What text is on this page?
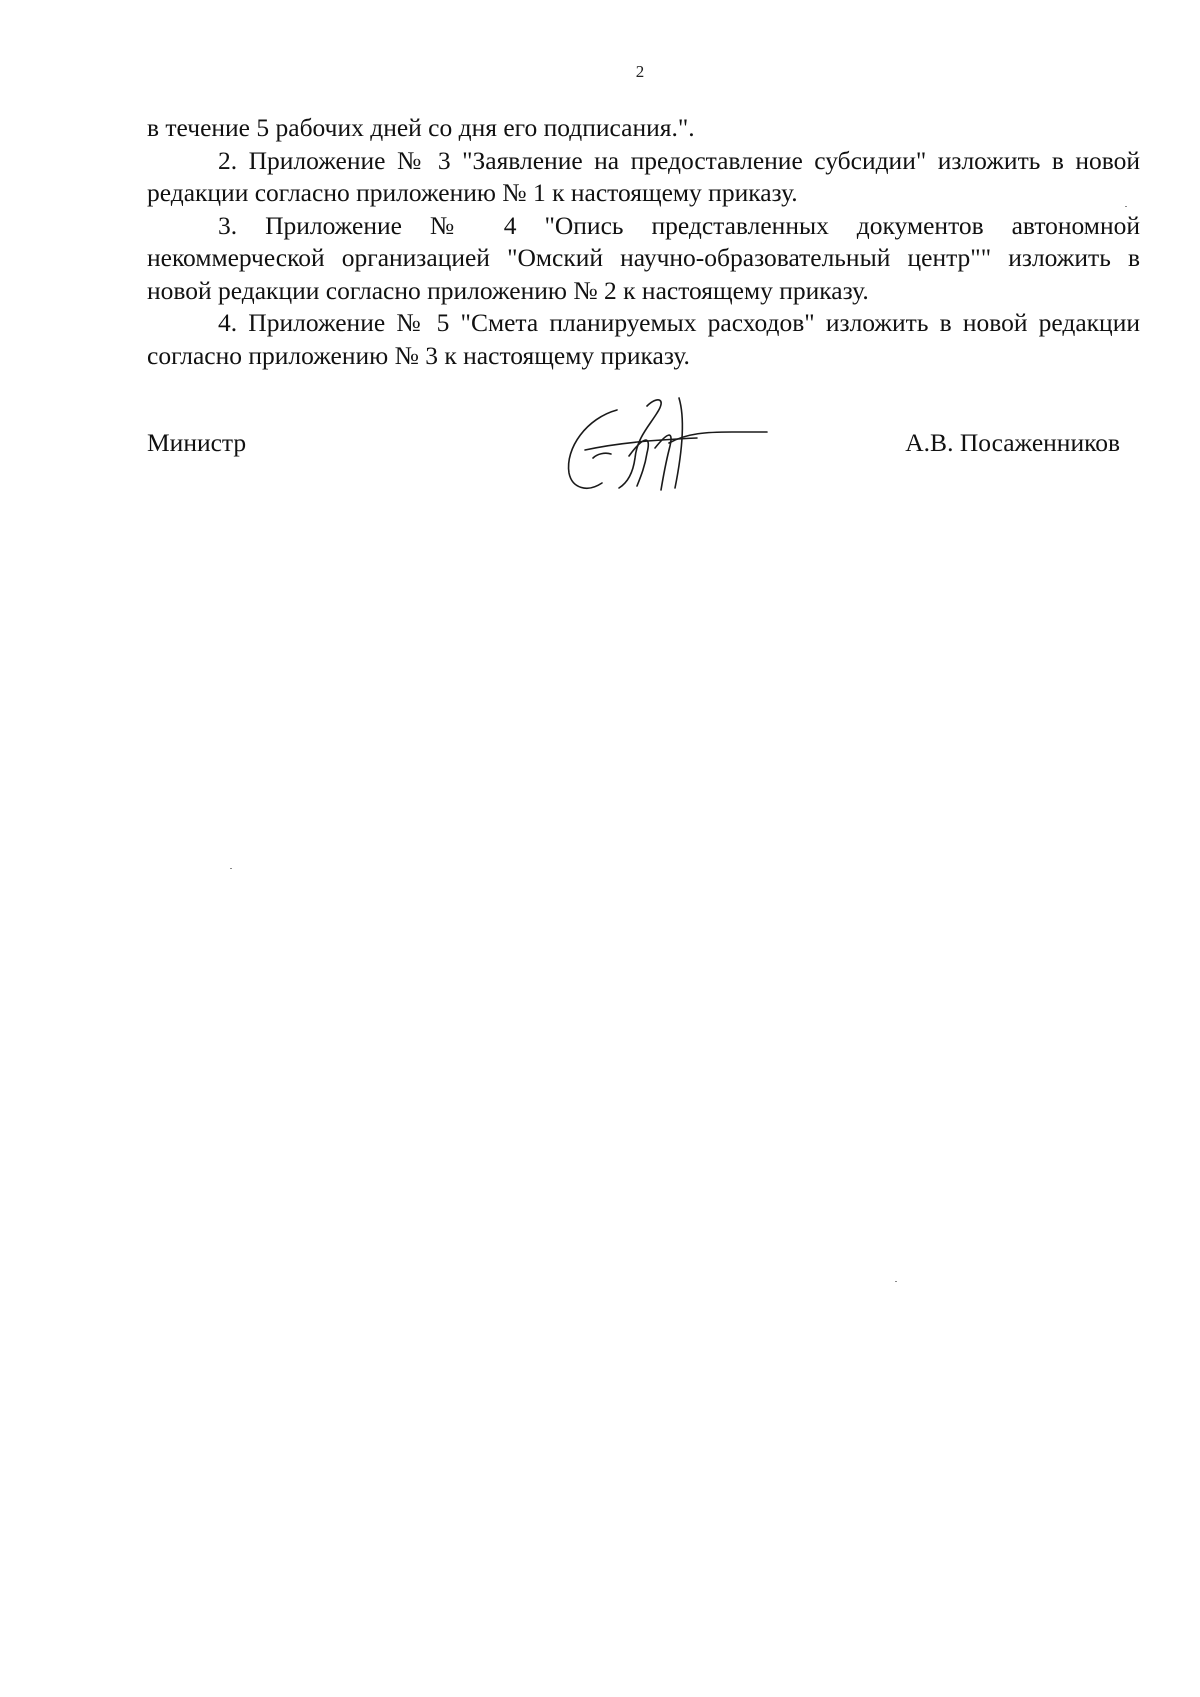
2

в течение 5 рабочих дней со дня его подписания.".

2. Приложение № 3 "Заявление на предоставление субсидии" изложить в новой редакции согласно приложению № 1 к настоящему приказу.

3. Приложение № 4 "Опись представленных документов автономной некоммерческой организацией "Омский научно-образовательный центр"" изложить в новой редакции согласно приложению № 2 к настоящему приказу.

4. Приложение № 5 "Смета планируемых расходов" изложить в новой редакции согласно приложению № 3 к настоящему приказу.

Министр	А.В. Посаженников
